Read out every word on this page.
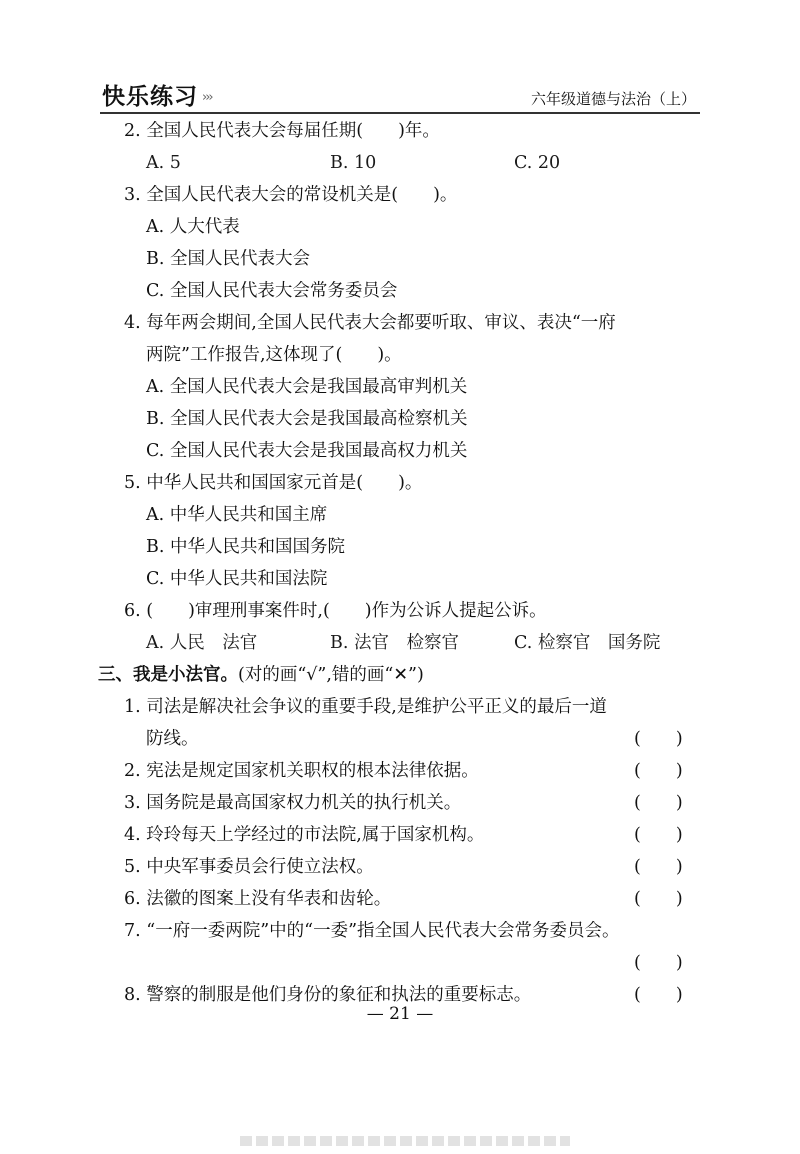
快乐练习 ›››	六年级道德与法治（上）
2. 全国人民代表大会每届任期(　　)年。
A. 5	B. 10	C. 20
3. 全国人民代表大会的常设机关是(　　)。
A. 人大代表
B. 全国人民代表大会
C. 全国人民代表大会常务委员会
4. 每年两会期间,全国人民代表大会都要听取、审议、表决“一府
两院”工作报告,这体现了(　　)。
A. 全国人民代表大会是我国最高审判机关
B. 全国人民代表大会是我国最高检察机关
C. 全国人民代表大会是我国最高权力机关
5. 中华人民共和国国家元首是(　　)。
A. 中华人民共和国主席
B. 中华人民共和国国务院
C. 中华人民共和国法院
6. (　　)审理刑事案件时,(　　)作为公诉人提起公诉。
A. 人民　法官	B. 法官　检察官	C. 检察官　国务院
三、我是小法官。(对的画“√”,错的画“✕”)
1. 司法是解决社会争议的重要手段,是维护公平正义的最后一道
防线。	(　　)
2. 宪法是规定国家机关职权的根本法律依据。	(　　)
3. 国务院是最高国家权力机关的执行机关。	(　　)
4. 玲玲每天上学经过的市法院,属于国家机构。	(　　)
5. 中央军事委员会行使立法权。	(　　)
6. 法徽的图案上没有华表和齿轮。	(　　)
7. “一府一委两院”中的“一委”指全国人民代表大会常务委员会。
(　　)
8. 警察的制服是他们身份的象征和执法的重要标志。	(　　)
— 21 —
